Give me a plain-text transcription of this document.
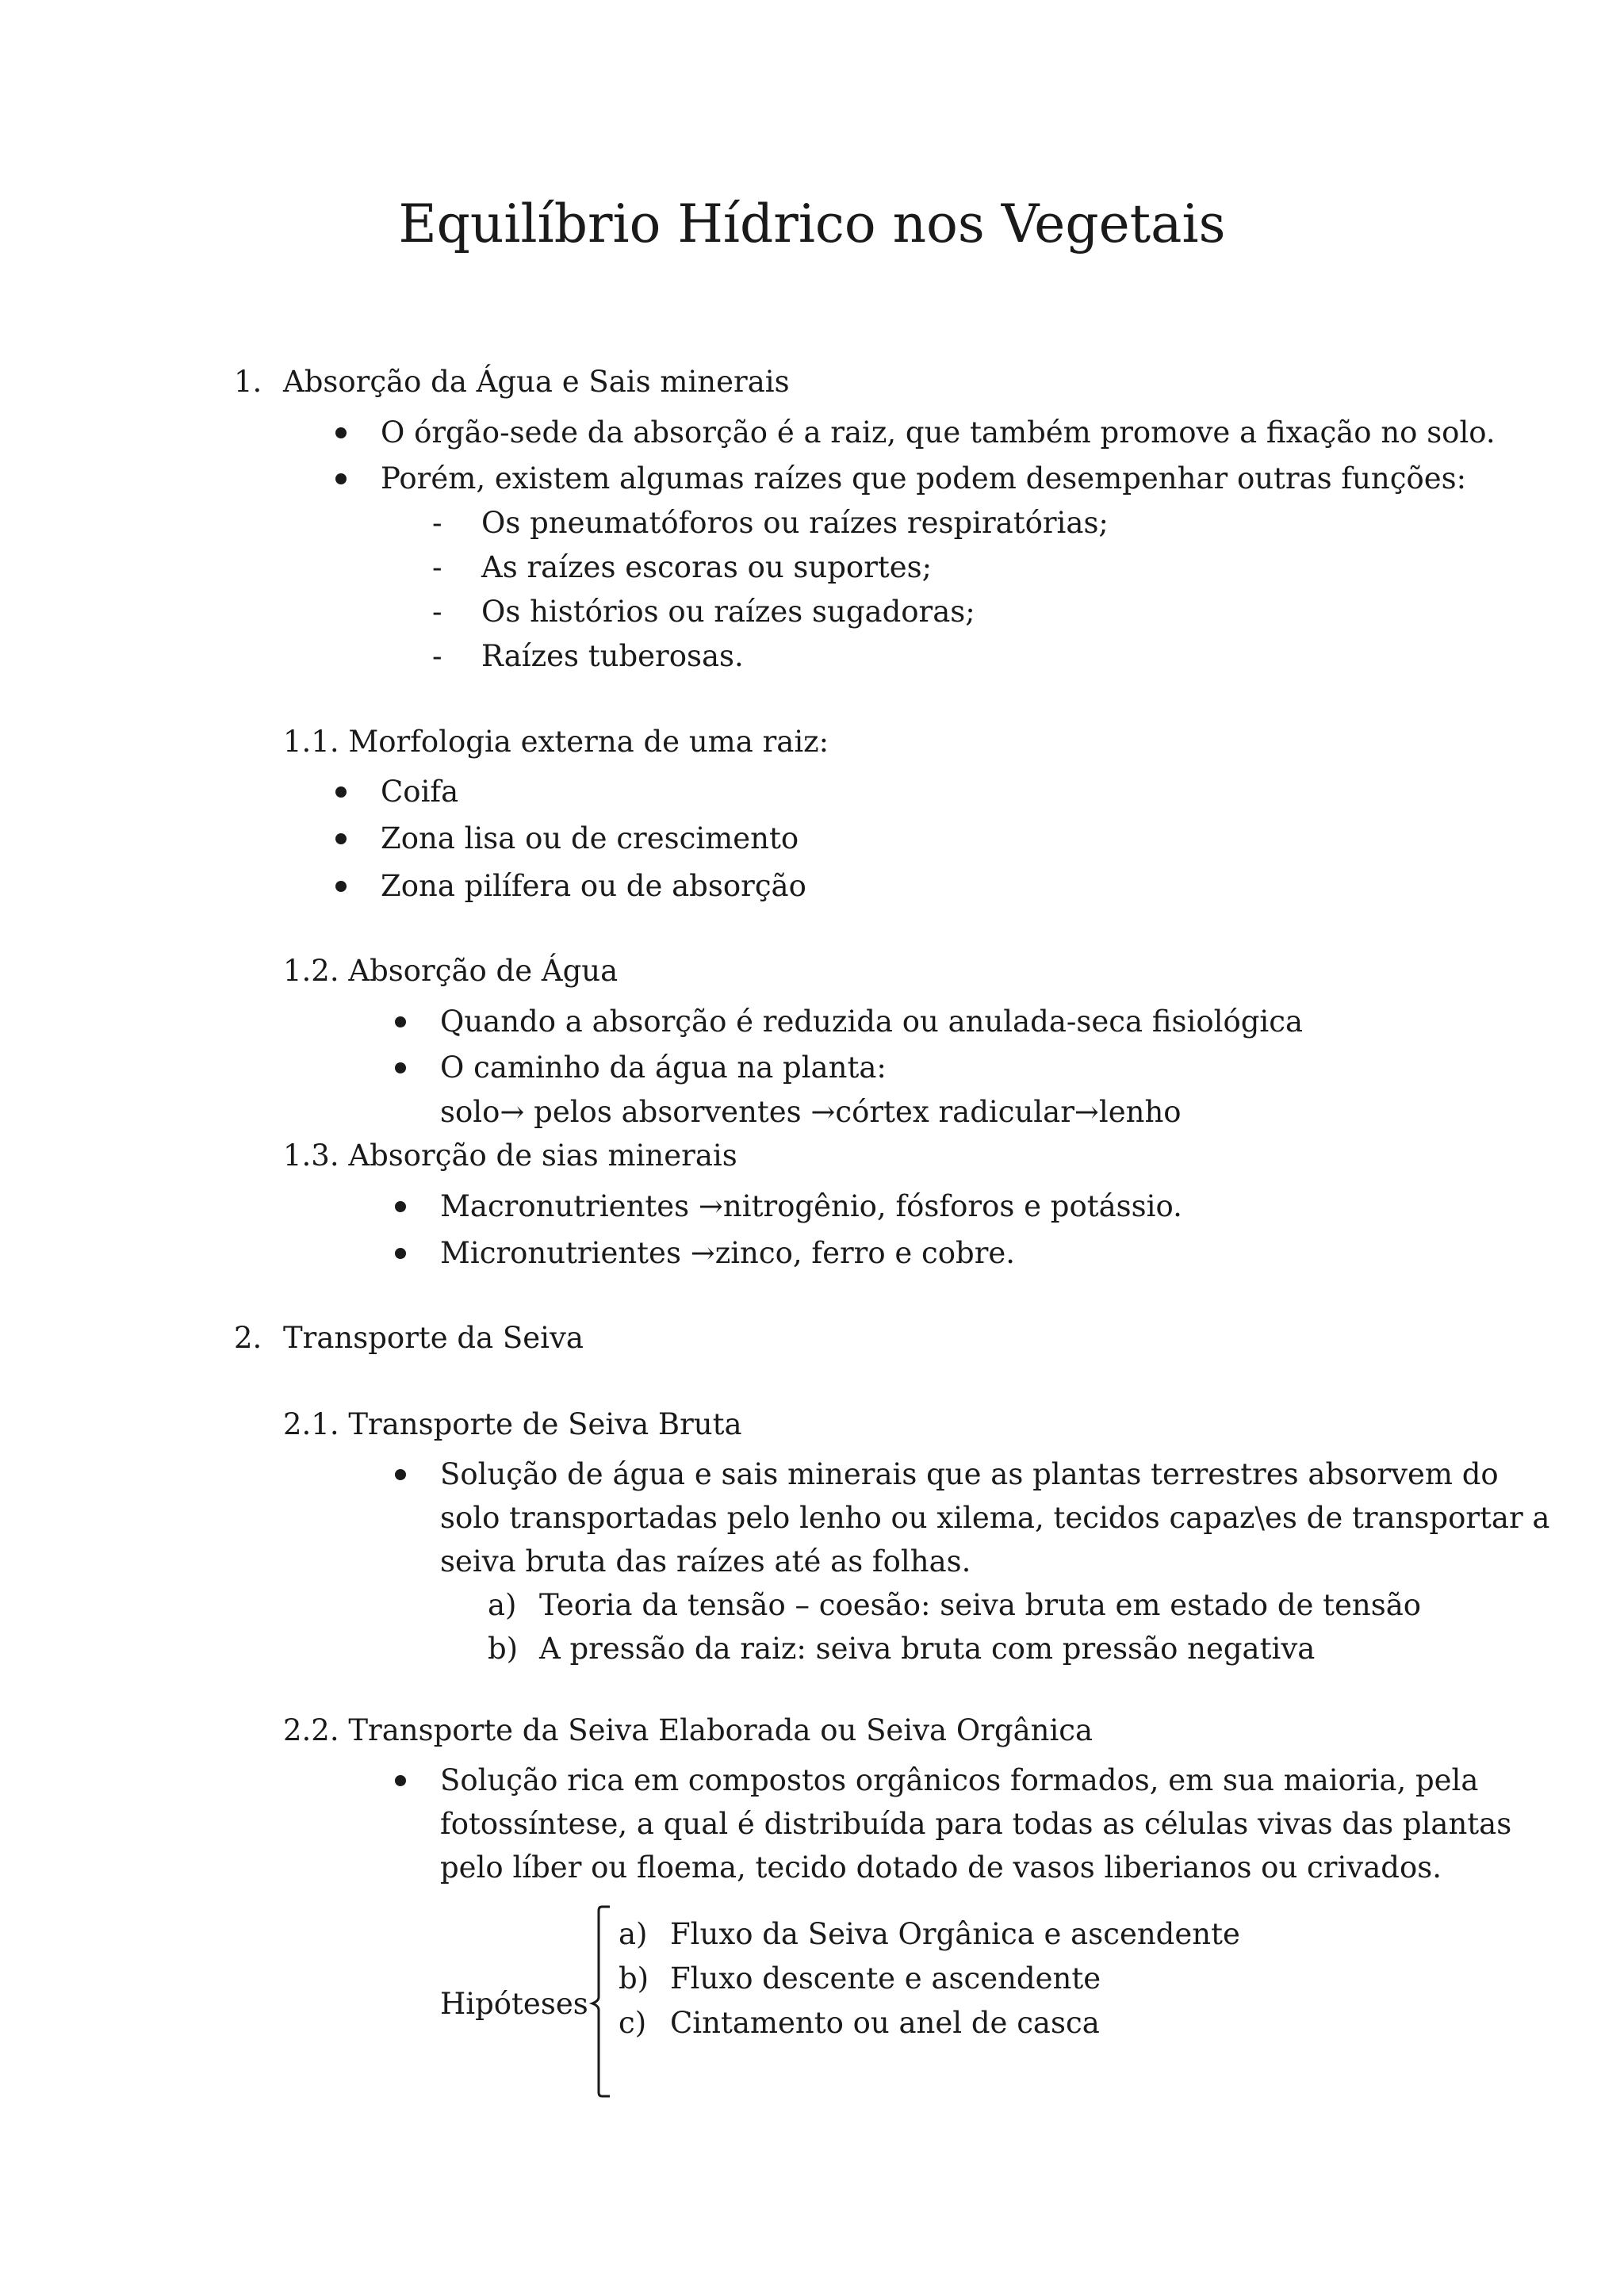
Equilíbrio Hídrico nos Vegetais
1. Absorção da Água e Sais minerais
O órgão-sede da absorção é a raiz, que também promove a fixação no solo.
Porém, existem algumas raízes que podem desempenhar outras funções:
- Os pneumatóforos ou raízes respiratórias;
- As raízes escoras ou suportes;
- Os histórios ou raízes sugadoras;
- Raízes tuberosas.
1.1. Morfologia externa de uma raiz:
Coifa
Zona lisa ou de crescimento
Zona pilífera ou de absorção
1.2. Absorção de Água
Quando a absorção é reduzida ou anulada-seca fisiológica
O caminho da água na planta:
solo→ pelos absorventes →córtex radicular→lenho
1.3. Absorção de sias minerais
Macronutrientes →nitrogênio, fósforos e potássio.
Micronutrientes →zinco, ferro e cobre.
2. Transporte da Seiva
2.1. Transporte de Seiva Bruta
Solução de água e sais minerais que as plantas terrestres absorvem do
solo transportadas pelo lenho ou xilema, tecidos capaz\es de transportar a
seiva bruta das raízes até as folhas.
a) Teoria da tensão – coesão: seiva bruta em estado de tensão
b) A pressão da raiz: seiva bruta com pressão negativa
2.2. Transporte da Seiva Elaborada ou Seiva Orgânica
Solução rica em compostos orgânicos formados, em sua maioria, pela
fotossíntese, a qual é distribuída para todas as células vivas das plantas
pelo líber ou floema, tecido dotado de vasos liberianos ou crivados.
Hipóteses
a) Fluxo da Seiva Orgânica e ascendente
b) Fluxo descente e ascendente
c) Cintamento ou anel de casca
